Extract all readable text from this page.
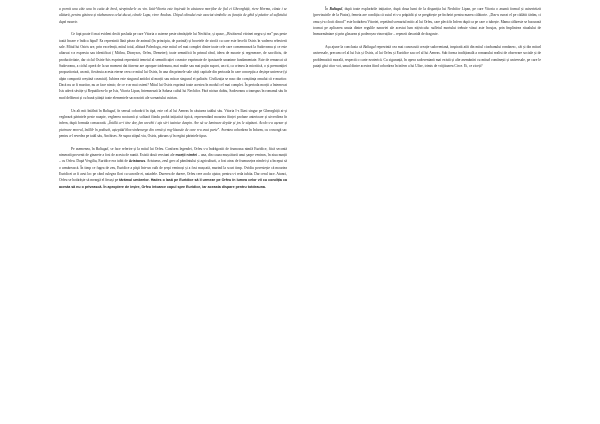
a pornit una câte una în cutia de bred, strepindu-le cu vin. Iată-Vitoria este înșirată în căutarea morților de fiul ei Gheorghiță, riere Horma, cânta i se alătură, pentru găsirea și răzbunarea celui ducut, cânele Lupu, riere Anubus. Chipul câinului este asociat simbolic cu funcția de ghid și păzitor al sufletului după moarte.

Ce fapt poate fi mai evident decât posluda pe care Vitoria o asterne peste rămășițele lui Nechifor, și spuse, „Bivăiserul vitrinei negru și rea” pus peste toată încare e îndica hipul! Ea reprezintă lână păsea de animal (în principiu, de parintă) și bocetele de strofă cu care este învelit Osiris în vaderea reînvierii sale. Mitul lui Osiris are, prin excelență, mitul total, alătură Paleologu, este mitul cel mai complet dintre toate cele care consemnează la Sadoveanu și ce este afiarsat s-a expresiu sau identificat ( Mithra, Dionysos, Orfeu, Demeter); toate semnifică în primul rând, ideea de moarte și regenerare, de sacrificiu, de productivitate, dar ciclul Osiris-Isis exprimă reprezintă temeiul al semnificației cosmice exprimate de ipostazele unanime fundamentate. Este de remarcat că Sadoveanu, a ciclul operă de la un moment dat itinerar are apropae totdeauna, mai multe sau mai puțin suport, un rit, ca crimea la mioritică, o și premoniției propozitoriză, un mit, fiecăruia acesta eterne ceea ce mitul lui Osiris, în una din primele sale cărți capitale din perioada în care concepția a deșirpe universe (și alpin comportă creștină cosmică). Iubirea este singurul antidot al morții sau măcar singurul ei paliativ. Civilizația se nasc din conștiința omului că e muritor. Dacă nu ar fi muritor, nu ar face nimic; de ce s-ar mai osteni? Mitul lui Osiris exprimă toate acestea în modul cel mai complet. În perioda morții a înternecat Isis adevă săvățe și Reputilirea-lo pe Isis, Vitoria Lipan, întemnează la Sabasa cultul lui Nechifor. Fără niciun dubiu, Sadoveanu a transpus în romanul său în mod deliberat și cu bună știință toate elementele sacrosoirii ale scenariului osirian.

Un alt mit întâlnit în Baltagul, în sensul coborârii în tipă, este cel al lui Aeneas în căutarea tatălui său. Vitoria I-s lliast singur pe Gheorghiță ai-și veghează părintele peste noapte, vegherea nocturnă și solitară fiindu probă inițiatică tipică, reprezentând moartea ființei profane anterioare și uiverdirea în infern, după formula consacrată. „Întâlă ce-i tine dor, fan urechii i aja să-i iasinice deapin. Are să se lumineze depiăr și jos le săpăuni. Acolo s-a așezar și picimare morrul, întîlilr în podisoh, așteptâd blos-sinhenerge din ormă și rog-lăsasite de care n-a avut parte”. Aventea coborârea în Infarm, cu crosorgă sac pentru a-l revedea pe tatăl său, Anchises. Se supra stăpul viu, Osiris, pătruns și în regăsi părintele tipus.

Pe asemenea, în Baltagul, se face referire și la mitul lui Orfeu. Conform legendei, Orfeu s-a îndrăgostit de frumoasa nimfă Euridice, fiică secontă nimerată provenit de ginarete a fost de acesta de nuntă. Există două versiuni ale morții nimfei – una, din cauza mușcăturii unui șarpe veninos, în ziua nunții – cu Orfeu. După Vergiliu, Euridice era iubit de Aristaeus. Aristaeus, zeul grec al pământului și agriculturii, a fost atras de frumusețea nimfei și a început să o urmărească. În timp ce fugea de zeu, Euridice a păşit într-un cuib de șerpi veninoși și a fost mușcată, murind la scurt timp. Ovidiu povestește că moartea Euridicei ar fi avut loc pe când culegea flori cu surorile ei, naiadele. Durerea de durere, Orfeu cere acolo ajutor, pentru s-i reda iubita. Dar cerul tace. Atunci, Orfeu se hotărăște să meargă el însuși pe tărâmul umbrelor. Hades o lasă pe Euridice să îl urmeze pe Orfeu în lumea celor vii cu condiția ca acesta să nu o privească. În apropiere de ieșire, Orfeu întoarce capul spre Euridice, iar aceasta dispare pentru totdeauna.

În Baltagul, după toate explorările inițiatice, după doua lumi de la dispariția lui Nechifor Lipan, pe care Vitoria o asumă formal și asiserirtizit (previzuirile de la Piatra), femeia are condiția că sutul ei s-a prăpădit și se pregătește pe încheiri pentru marea călătorie. „Das-u rurrat el pe căilătit tărâm, ci omu și-a clocit dincol” este hotărârea Vitoriei, repetând scenariul mitic al lui Orfeu, care plecă în Infern după ca pe care o iubește. Mama călăreste se bucurază tocmai pe aplicarea unuia dintre regulile naraviei ale acestui lum nițiviculu: sufletul mortului trebuie văzut aste încujas, prin împlinirea ritualului de îmmormântare și prin glasurea și poderoșea vinovaților – reperzit davaridă de dragoste.

Așa ajune la concluzia că Baltagul reprezintă cea mai cunoscută creație sadoveniană, inspirată atât din mitul cioobanului românesc, cât și din miturl universale, precum cel al lui Isis și Osiris, al lui Orfeu și Euridice sau cel al lui Aeneas. Sub forma tradițională a romanului realist de observare sociale și de problematică morală, respectă o carte ezoterică. Cu siguranță, în opera sadoveniană mai există și alte asemănări cu miturl românești și universale, pe care le putați găsi citor voi, unual dintre acestea fiind coborârea în infern a lui Ulise, trimis de vrăjitoarea Circe. Ei, ce ziceți?
